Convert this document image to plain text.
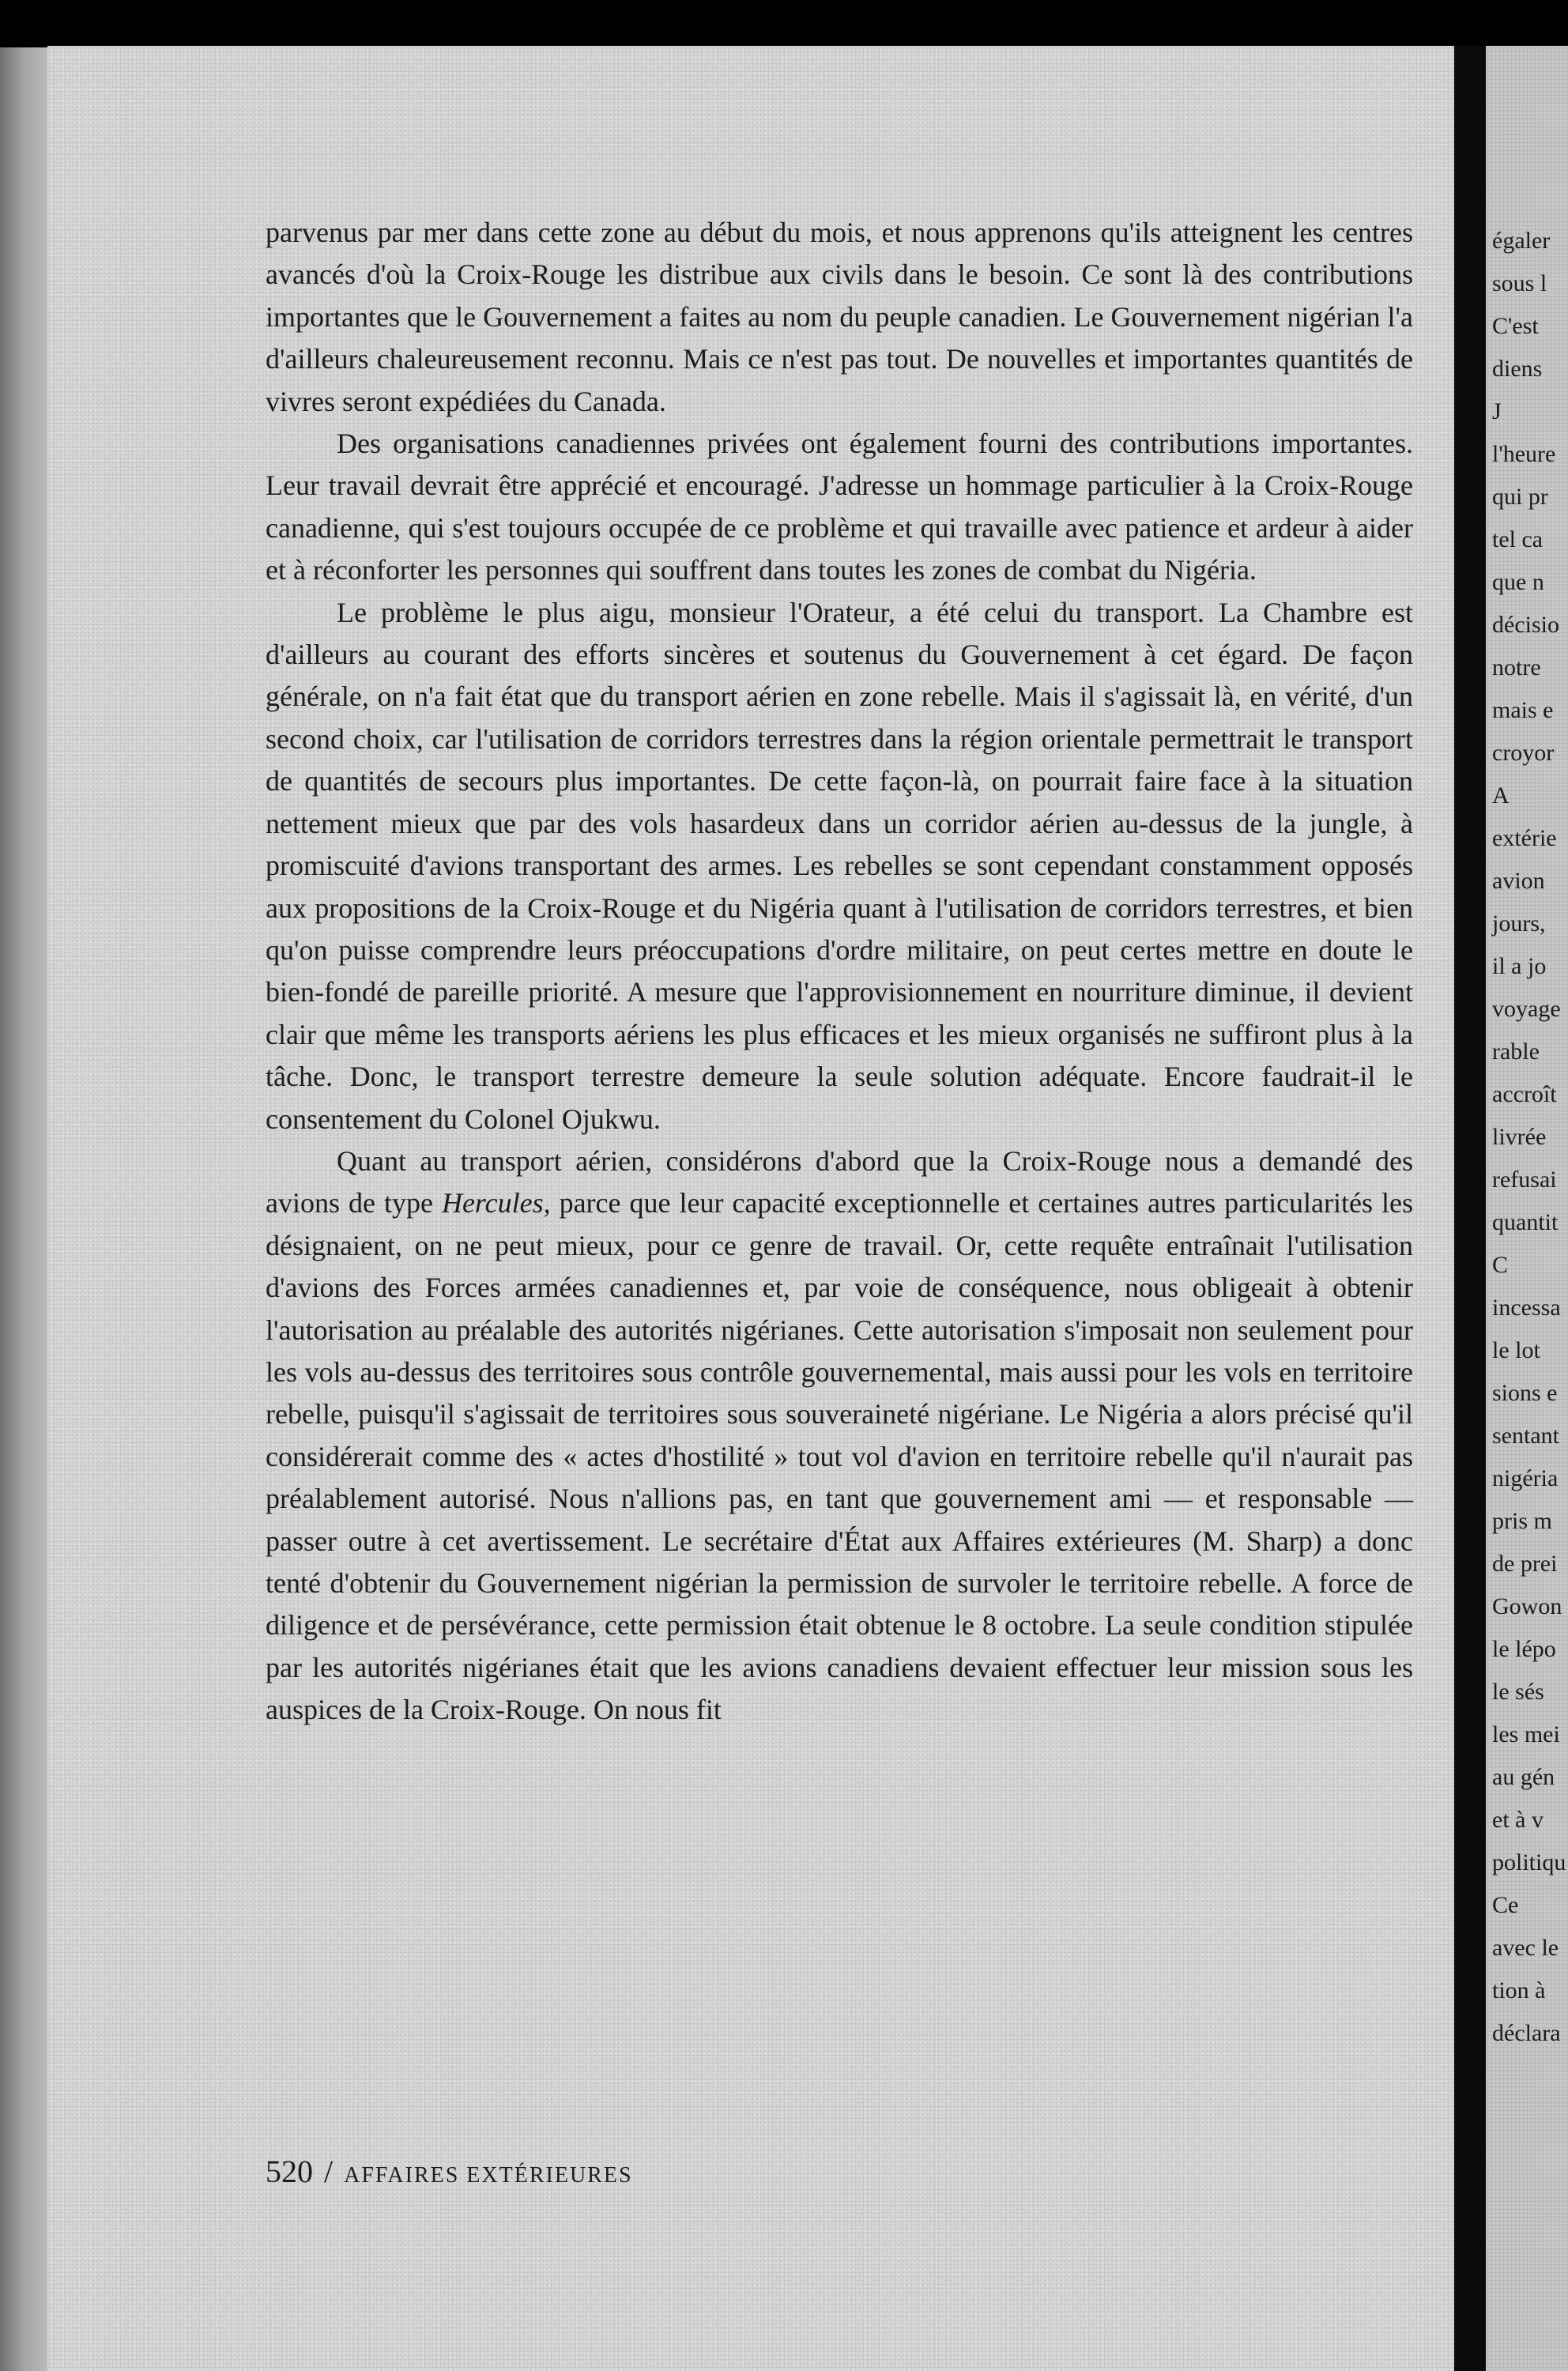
parvenus par mer dans cette zone au début du mois, et nous apprenons qu'ils atteignent les centres avancés d'où la Croix-Rouge les distribue aux civils dans le besoin. Ce sont là des contributions importantes que le Gouvernement a faites au nom du peuple canadien. Le Gouvernement nigérian l'a d'ailleurs chaleureusement reconnu. Mais ce n'est pas tout. De nouvelles et importantes quantités de vivres seront expédiées du Canada.

Des organisations canadiennes privées ont également fourni des contributions importantes. Leur travail devrait être apprécié et encouragé. J'adresse un hommage particulier à la Croix-Rouge canadienne, qui s'est toujours occupée de ce problème et qui travaille avec patience et ardeur à aider et à réconforter les personnes qui souffrent dans toutes les zones de combat du Nigéria.

Le problème le plus aigu, monsieur l'Orateur, a été celui du transport. La Chambre est d'ailleurs au courant des efforts sincères et soutenus du Gouvernement à cet égard. De façon générale, on n'a fait état que du transport aérien en zone rebelle. Mais il s'agissait là, en vérité, d'un second choix, car l'utilisation de corridors terrestres dans la région orientale permettrait le transport de quantités de secours plus importantes. De cette façon-là, on pourrait faire face à la situation nettement mieux que par des vols hasardeux dans un corridor aérien au-dessus de la jungle, à promiscuité d'avions transportant des armes. Les rebelles se sont cependant constamment opposés aux propositions de la Croix-Rouge et du Nigéria quant à l'utilisation de corridors terrestres, et bien qu'on puisse comprendre leurs préoccupations d'ordre militaire, on peut certes mettre en doute le bien-fondé de pareille priorité. A mesure que l'approvisionnement en nourriture diminue, il devient clair que même les transports aériens les plus efficaces et les mieux organisés ne suffiront plus à la tâche. Donc, le transport terrestre demeure la seule solution adéquate. Encore faudrait-il le consentement du Colonel Ojukwu.

Quant au transport aérien, considérons d'abord que la Croix-Rouge nous a demandé des avions de type Hercules, parce que leur capacité exceptionnelle et certaines autres particularités les désignaient, on ne peut mieux, pour ce genre de travail. Or, cette requête entraînait l'utilisation d'avions des Forces armées canadiennes et, par voie de conséquence, nous obligeait à obtenir l'autorisation au préalable des autorités nigérianes. Cette autorisation s'imposait non seulement pour les vols au-dessus des territoires sous contrôle gouvernemental, mais aussi pour les vols en territoire rebelle, puisqu'il s'agissait de territoires sous souveraineté nigériane. Le Nigéria a alors précisé qu'il considérerait comme des « actes d'hostilité » tout vol d'avion en territoire rebelle qu'il n'aurait pas préalablement autorisé. Nous n'allions pas, en tant que gouvernement ami — et responsable — passer outre à cet avertissement. Le secrétaire d'État aux Affaires extérieures (M. Sharp) a donc tenté d'obtenir du Gouvernement nigérian la permission de survoler le territoire rebelle. A force de diligence et de persévérance, cette permission était obtenue le 8 octobre. La seule condition stipulée par les autorités nigérianes était que les avions canadiens devaient effectuer leur mission sous les auspices de la Croix-Rouge. On nous fit

520 / AFFAIRES EXTÉRIEURES

égaler

sous l

C'est

diens

J

l'heure

qui pr

tel ca

que n

décisio

notre

mais e

croyor

A

extérie

avion

jours,

il a jo

voyage

rable

accroît

livrée

refusai

quantit

C

incessa

le lot

sions e

sentant

nigéria

pris m

de prei

Gowon

le lépo

le sés

les mei

au gén

et à v

politiqu

Ce

avec le

tion à

déclara
